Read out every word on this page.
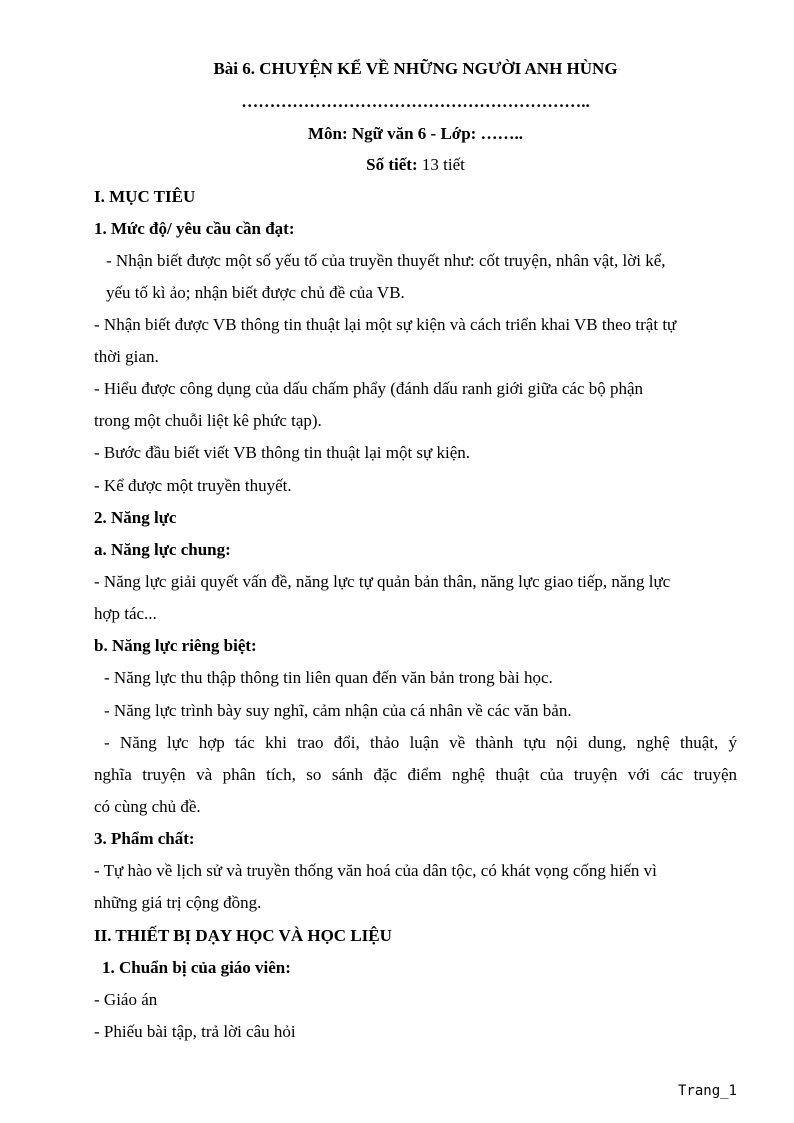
Bài 6. CHUYỆN KỂ VỀ NHỮNG NGƯỜI ANH HÙNG
……………………………………………………..
Môn: Ngữ văn 6 - Lớp: ……..
Số tiết: 13 tiết
I. MỤC TIÊU
1. Mức độ/ yêu cầu cần đạt:
- Nhận biết được một số yếu tố của truyền thuyết như: cốt truyện, nhân vật, lời kể,
yếu tố kì ảo; nhận biết được chủ đề của VB.
- Nhận biết được VB thông tin thuật lại một sự kiện và cách triển khai VB theo trật tự
thời gian.
- Hiểu được công dụng của dấu chấm phẩy (đánh dấu ranh giới giữa các bộ phận
trong một chuỗi liệt kê phức tạp).
- Bước đầu biết viết VB thông tin thuật lại một sự kiện.
- Kể được một truyền thuyết.
2. Năng lực
a. Năng lực chung:
- Năng lực giải quyết vấn đề, năng lực tự quản bản thân, năng lực giao tiếp, năng lực
hợp tác...
b. Năng lực riêng biệt:
- Năng lực thu thập thông tin liên quan đến văn bản trong bài học.
- Năng lực trình bày suy nghĩ, cảm nhận của cá nhân về các văn bản.
- Năng lực hợp tác khi trao đổi, thảo luận về thành tựu nội dung, nghệ thuật, ý
nghĩa truyện và phân tích, so sánh đặc điểm nghệ thuật của truyện với các truyện
có cùng chủ đề.
3. Phẩm chất:
- Tự hào về lịch sử và truyền thống văn hoá của dân tộc, có khát vọng cống hiến vì
những giá trị cộng đồng.
II. THIẾT BỊ DẠY HỌC VÀ HỌC LIỆU
1. Chuẩn bị của giáo viên:
- Giáo án
- Phiếu bài tập, trả lời câu hỏi
Trang_1
